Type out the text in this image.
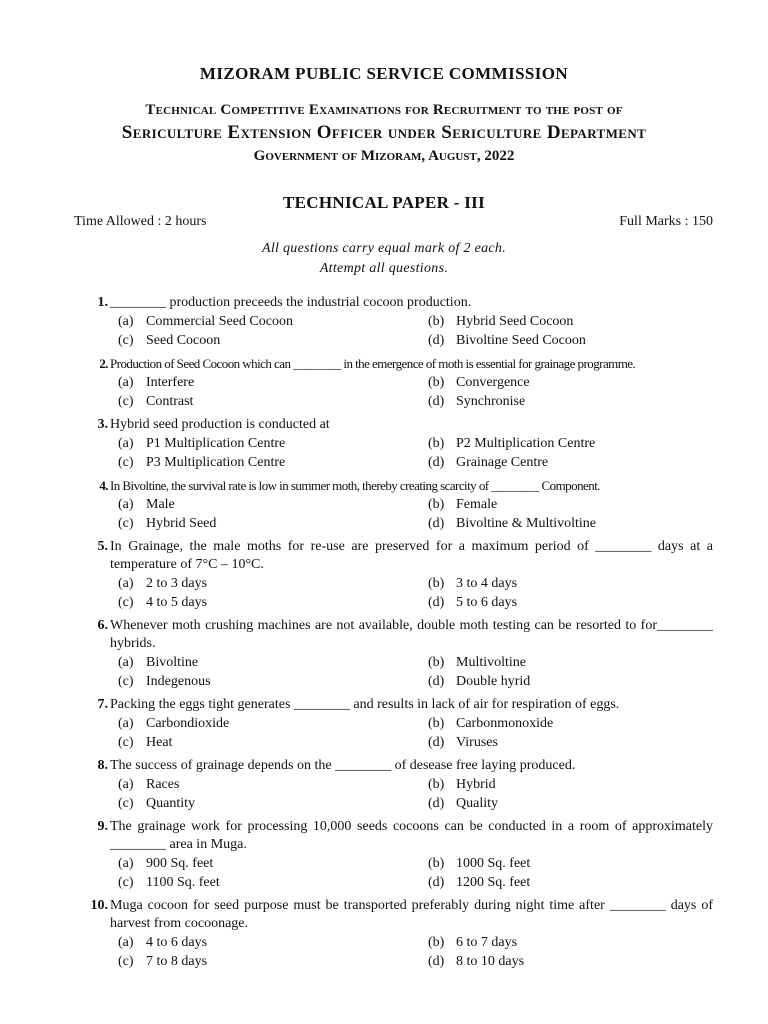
MIZORAM PUBLIC SERVICE COMMISSION
Technical Competitive Examinations for Recruitment to the post of
Sericulture Extension Officer under Sericulture Department
Government of Mizoram, August, 2022
TECHNICAL PAPER - III
Time Allowed : 2 hours	Full Marks : 150
All questions carry equal mark of 2 each.
Attempt all questions.
1. ________ production preceeds the industrial cocoon production.
(a) Commercial Seed Cocoon	(b) Hybrid Seed Cocoon
(c) Seed Cocoon	(d) Bivoltine Seed Cocoon
2. Production of Seed Cocoon which can ________ in the emergence of moth is essential for grainage programme.
(a) Interfere	(b) Convergence
(c) Contrast	(d) Synchronise
3. Hybrid seed production is conducted at
(a) P1 Multiplication Centre	(b) P2 Multiplication Centre
(c) P3 Multiplication Centre	(d) Grainage Centre
4. In Bivoltine, the survival rate is low in summer moth, thereby creating scarcity of ________ Component.
(a) Male	(b) Female
(c) Hybrid Seed	(d) Bivoltine & Multivoltine
5. In Grainage, the male moths for re-use are preserved for a maximum period of ________ days at a temperature of 7°C – 10°C.
(a) 2 to 3 days	(b) 3 to 4 days
(c) 4 to 5 days	(d) 5 to 6 days
6. Whenever moth crushing machines are not available, double moth testing can be resorted to for________ hybrids.
(a) Bivoltine	(b) Multivoltine
(c) Indegenous	(d) Double hyrid
7. Packing the eggs tight generates ________ and results in lack of air for respiration of eggs.
(a) Carbondioxide	(b) Carbonmonoxide
(c) Heat	(d) Viruses
8. The success of grainage depends on the ________ of desease free laying produced.
(a) Races	(b) Hybrid
(c) Quantity	(d) Quality
9. The grainage work for processing 10,000 seeds cocoons can be conducted in a room of approximately ________ area in Muga.
(a) 900 Sq. feet	(b) 1000 Sq. feet
(c) 1100 Sq. feet	(d) 1200 Sq. feet
10. Muga cocoon for seed purpose must be transported preferably during night time after ________ days of harvest from cocoonage.
(a) 4 to 6 days	(b) 6 to 7 days
(c) 7 to 8 days	(d) 8 to 10 days
